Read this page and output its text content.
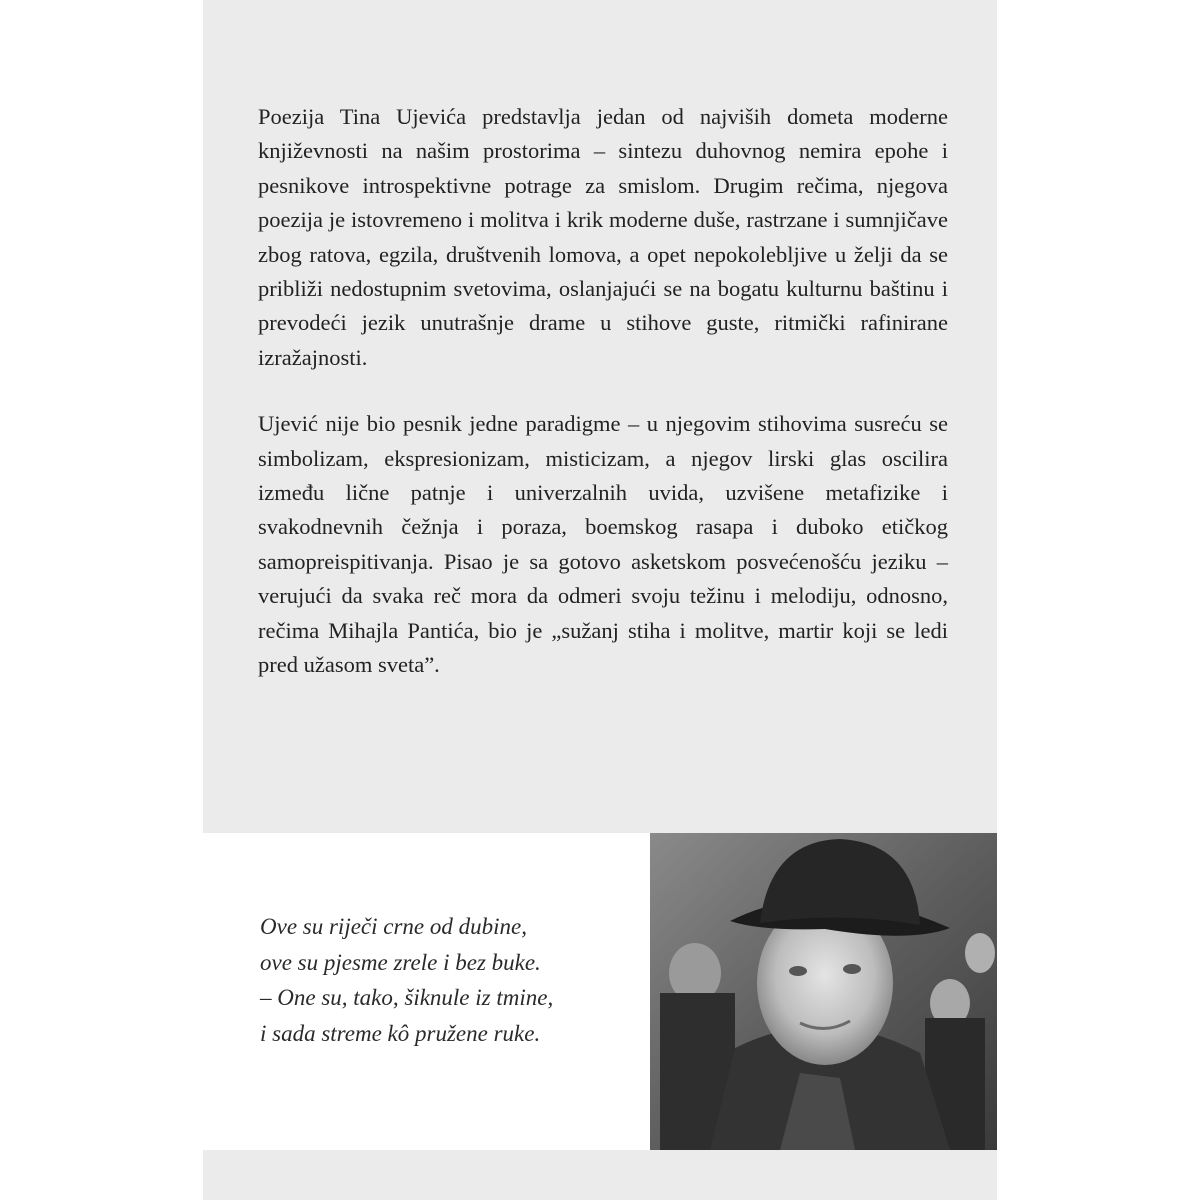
Poezija Tina Ujevića predstavlja jedan od najviših dometa moderne književnosti na našim prostorima – sintezu duhovnog nemira epohe i pesnikove introspektivne potrage za smislom. Drugim rečima, njegova poezija je istovremeno i molitva i krik moderne duše, rastrzane i sumnjičave zbog ratova, egzila, društvenih lomova, a opet nepokolebljive u želji da se približi nedostupnim svetovima, oslanjajući se na bogatu kulturnu baštinu i prevodeći jezik unutrašnje drame u stihove guste, ritmički rafinirane izražajnosti.

Ujević nije bio pesnik jedne paradigme – u njegovim stihovima susreću se simbolizam, ekspresionizam, misticizam, a njegov lirski glas oscilira između lične patnje i univerzalnih uvida, uzvišene metafizike i svakodnevnih čežnja i poraza, boemskog rasapa i duboko etičkog samopreispitivanja. Pisao je sa gotovo asketskom posvećenošću jeziku – verujući da svaka reč mora da odmeri svoju težinu i melodiju, odnosno, rečima Mihajla Pantića, bio je „sužanj stiha i molitve, martir koji se ledi pred užasom sveta”.

Ove su riječi crne od dubine,
ove su pjesme zrele i bez buke.
– One su, tako, šiknule iz tmine,
i sada streme kô pružene ruke.
